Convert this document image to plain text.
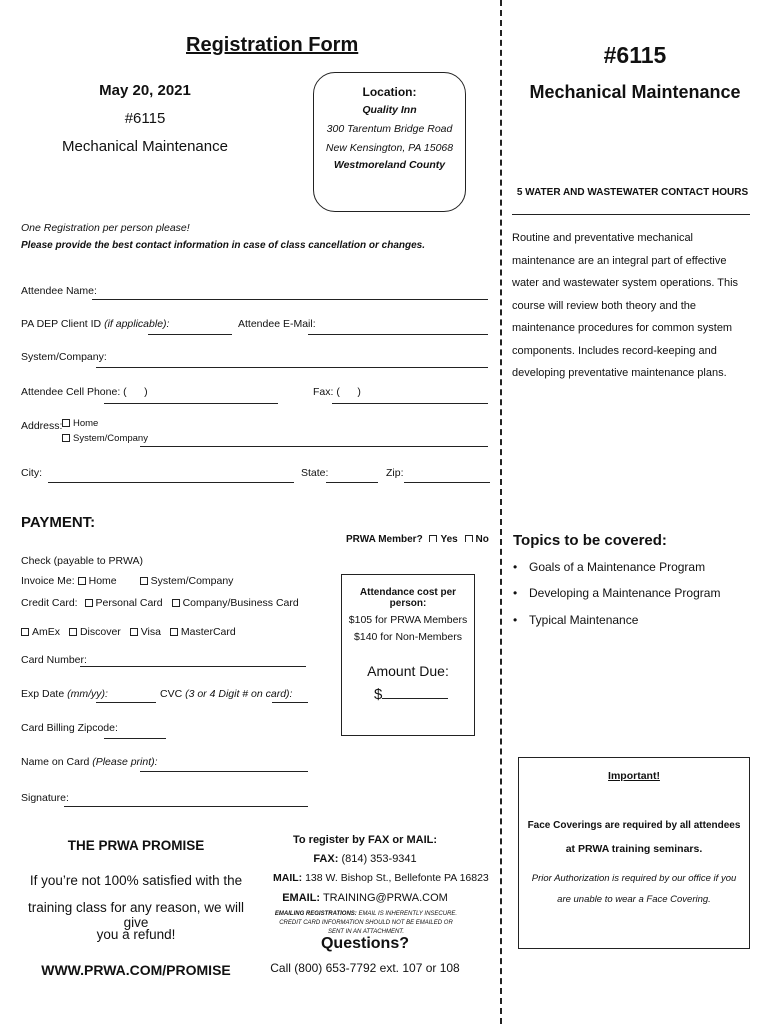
Registration Form
May 20, 2021
#6115
Mechanical Maintenance
Location:
Quality Inn
300 Tarentum Bridge Road
New Kensington, PA 15068
Westmoreland County
One Registration per person please!
Please provide the best contact information in case of class cancellation or changes.
Attendee Name:
PA DEP Client ID (if applicable):	Attendee E-Mail:
System/Company:
Attendee Cell Phone: (      )	Fax: (      )
Address:	Home
System/Company
City:	State:	Zip:
PAYMENT:
PRWA Member? Yes No
Check (payable to PRWA)
Invoice Me: Home	System/Company
Credit Card: Personal Card Company/Business Card
AmEx Discover Visa MasterCard
Card Number:
Exp Date (mm/yy):	CVC (3 or 4 Digit # on card):
Card Billing Zipcode:
Name on Card (Please print):
Signature:
Attendance cost per person:
$105 for PRWA Members
$140 for Non-Members
Amount Due:
$
THE PRWA PROMISE
If you’re not 100% satisfied with the
training class for any reason, we will give
you a refund!
WWW.PRWA.COM/PROMISE
To register by FAX or MAIL:
FAX: (814) 353-9341
MAIL: 138 W. Bishop St., Bellefonte PA 16823
EMAIL: TRAINING@PRWA.COM
EMAILING REGISTRATIONS: EMAIL IS INHERENTLY INSECURE. CREDIT CARD INFORMATION SHOULD NOT BE EMAILED OR SENT IN AN ATTACHMENT.
Questions?
Call (800) 653-7792 ext. 107 or 108
#6115
Mechanical Maintenance
5 WATER AND WASTEWATER CONTACT HOURS
Routine and preventative mechanical maintenance are an integral part of effective water and wastewater system operations. This course will review both theory and the maintenance procedures for common system components. Includes record-keeping and developing preventative maintenance plans.
Topics to be covered:
• Goals of a Maintenance Program
• Developing a Maintenance Program
• Typical Maintenance
Important!
Face Coverings are required by all attendees
at PRWA training seminars.
Prior Authorization is required by our office if you
are unable to wear a Face Covering.
